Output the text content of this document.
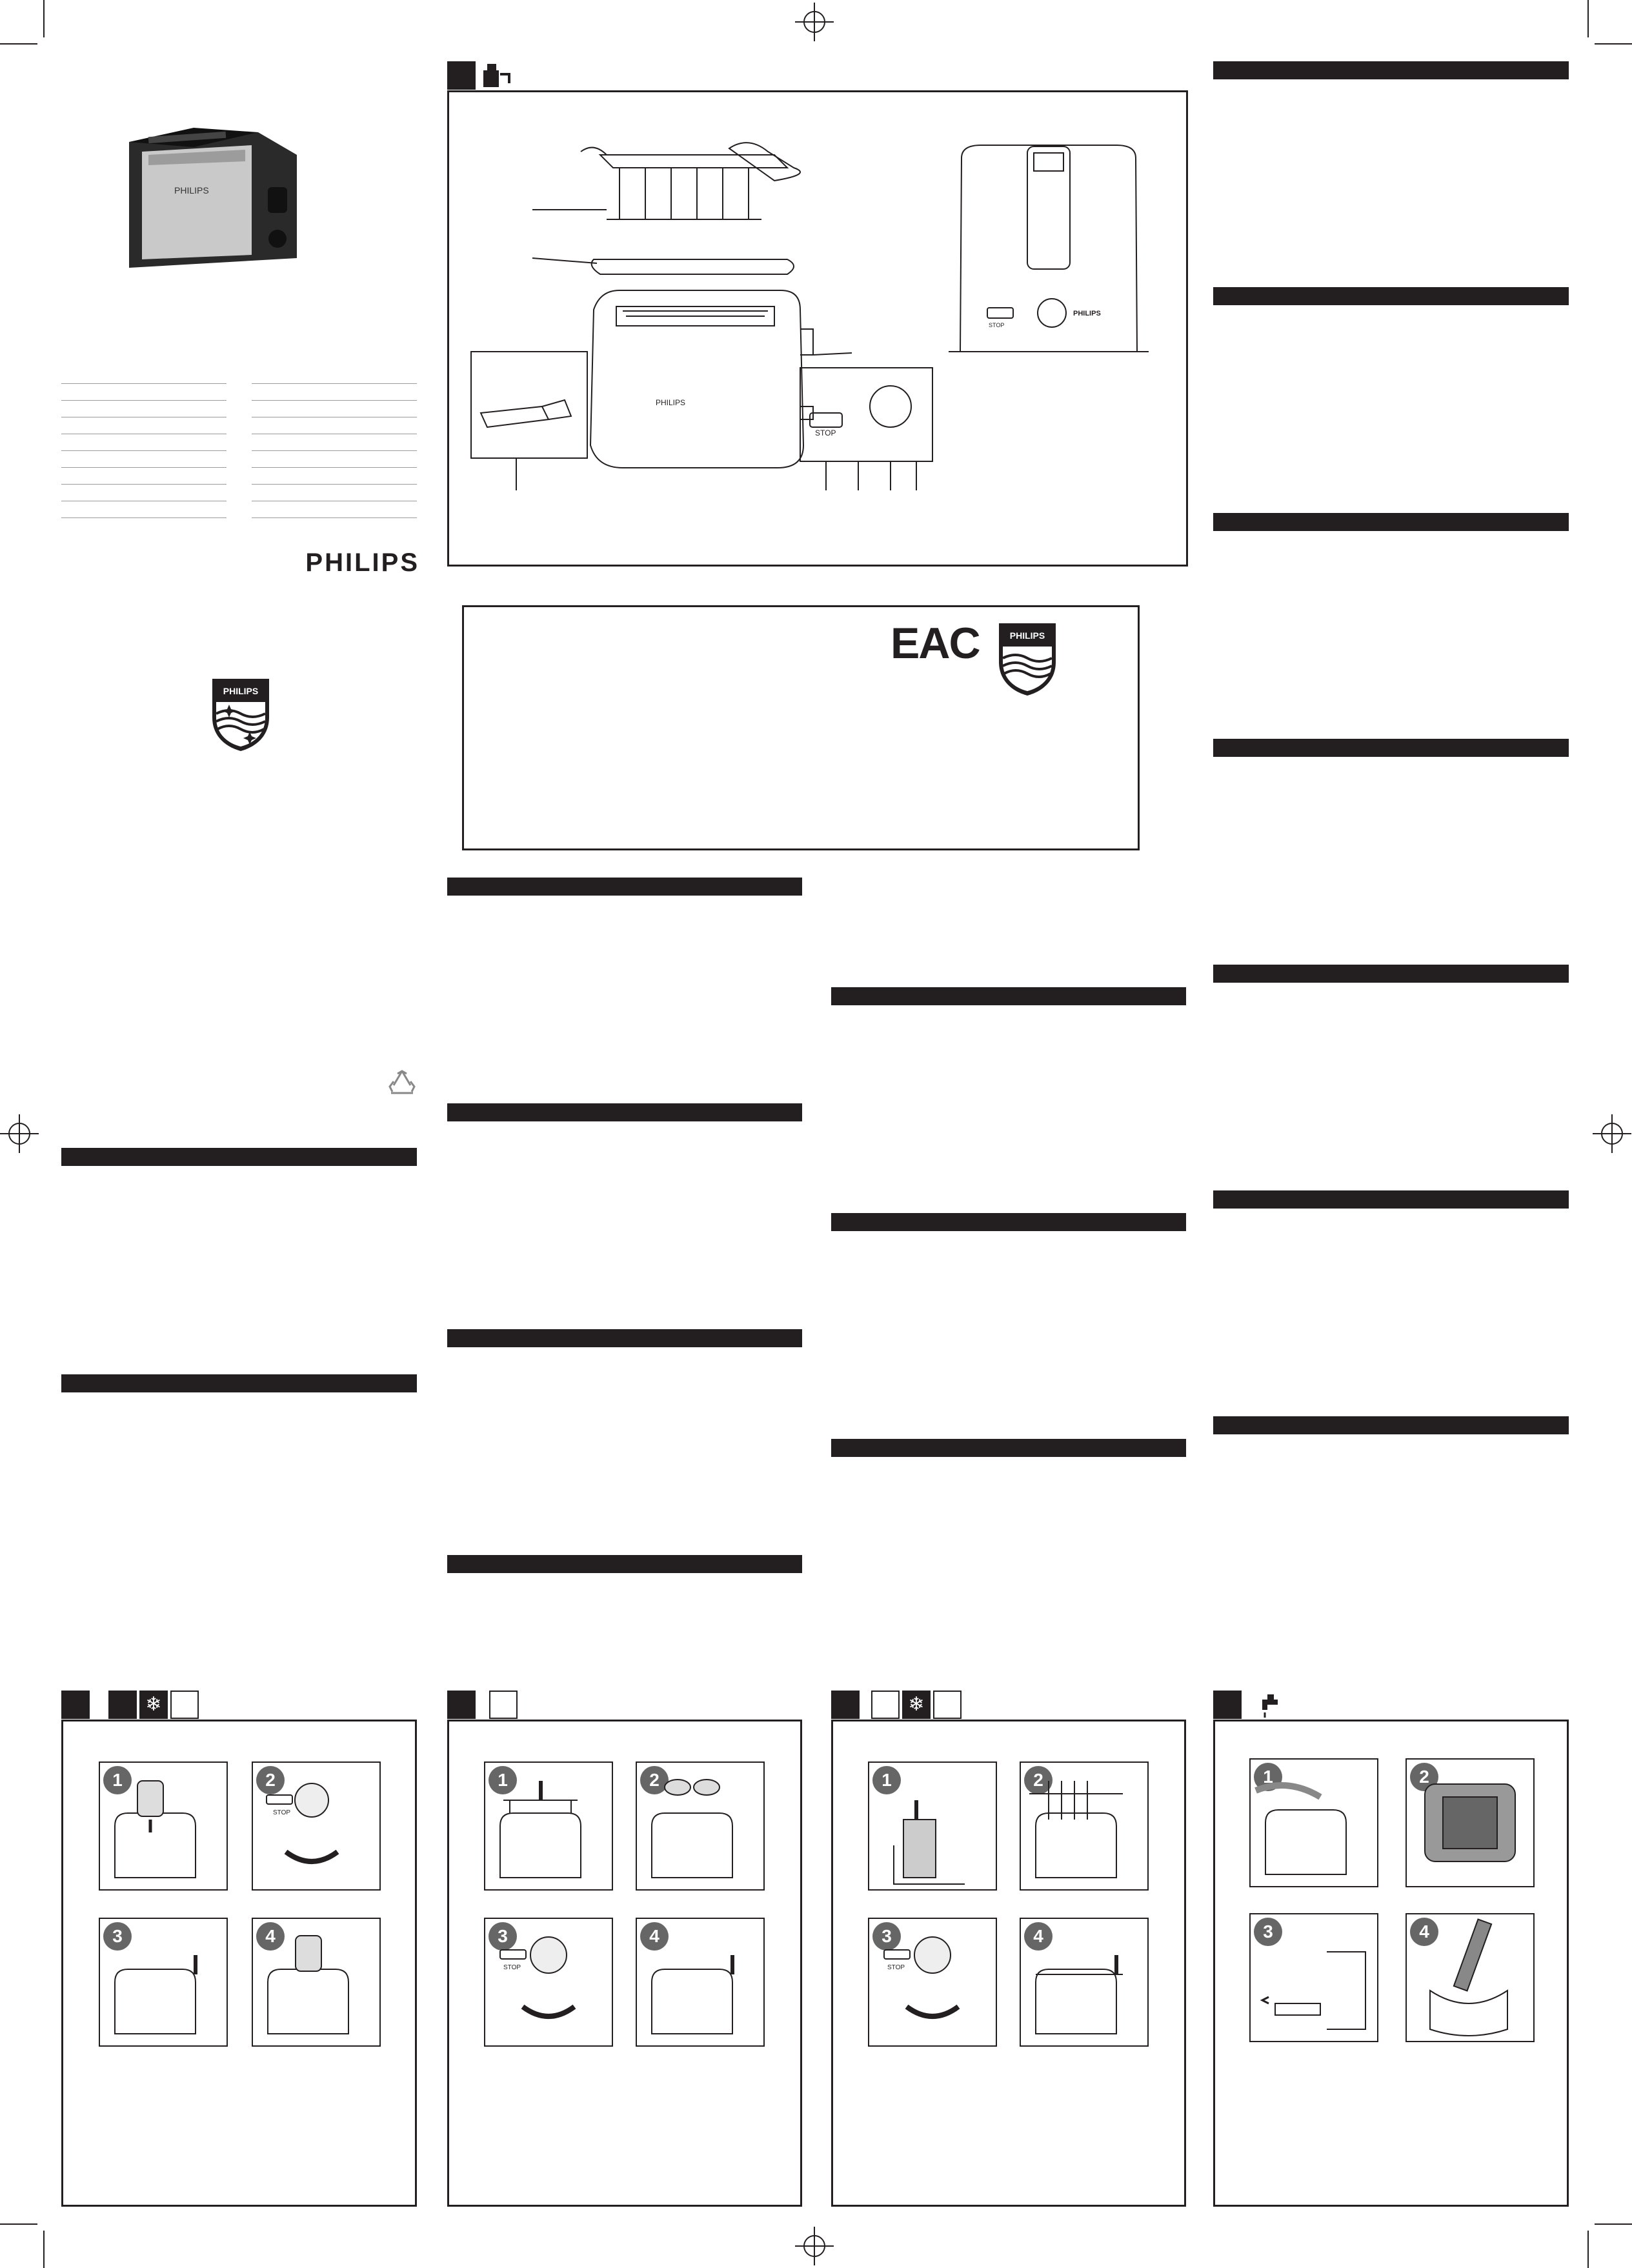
PHILIPS
PHILIPS
PHILIPS
PHILIPS
STOP
STOP
PHILIPS
EAC	PHILIPS
❄
1	2
3	4
STOP
1	2
3	4
STOP
❄
1	2
3	4
STOP
1	2
3	4
